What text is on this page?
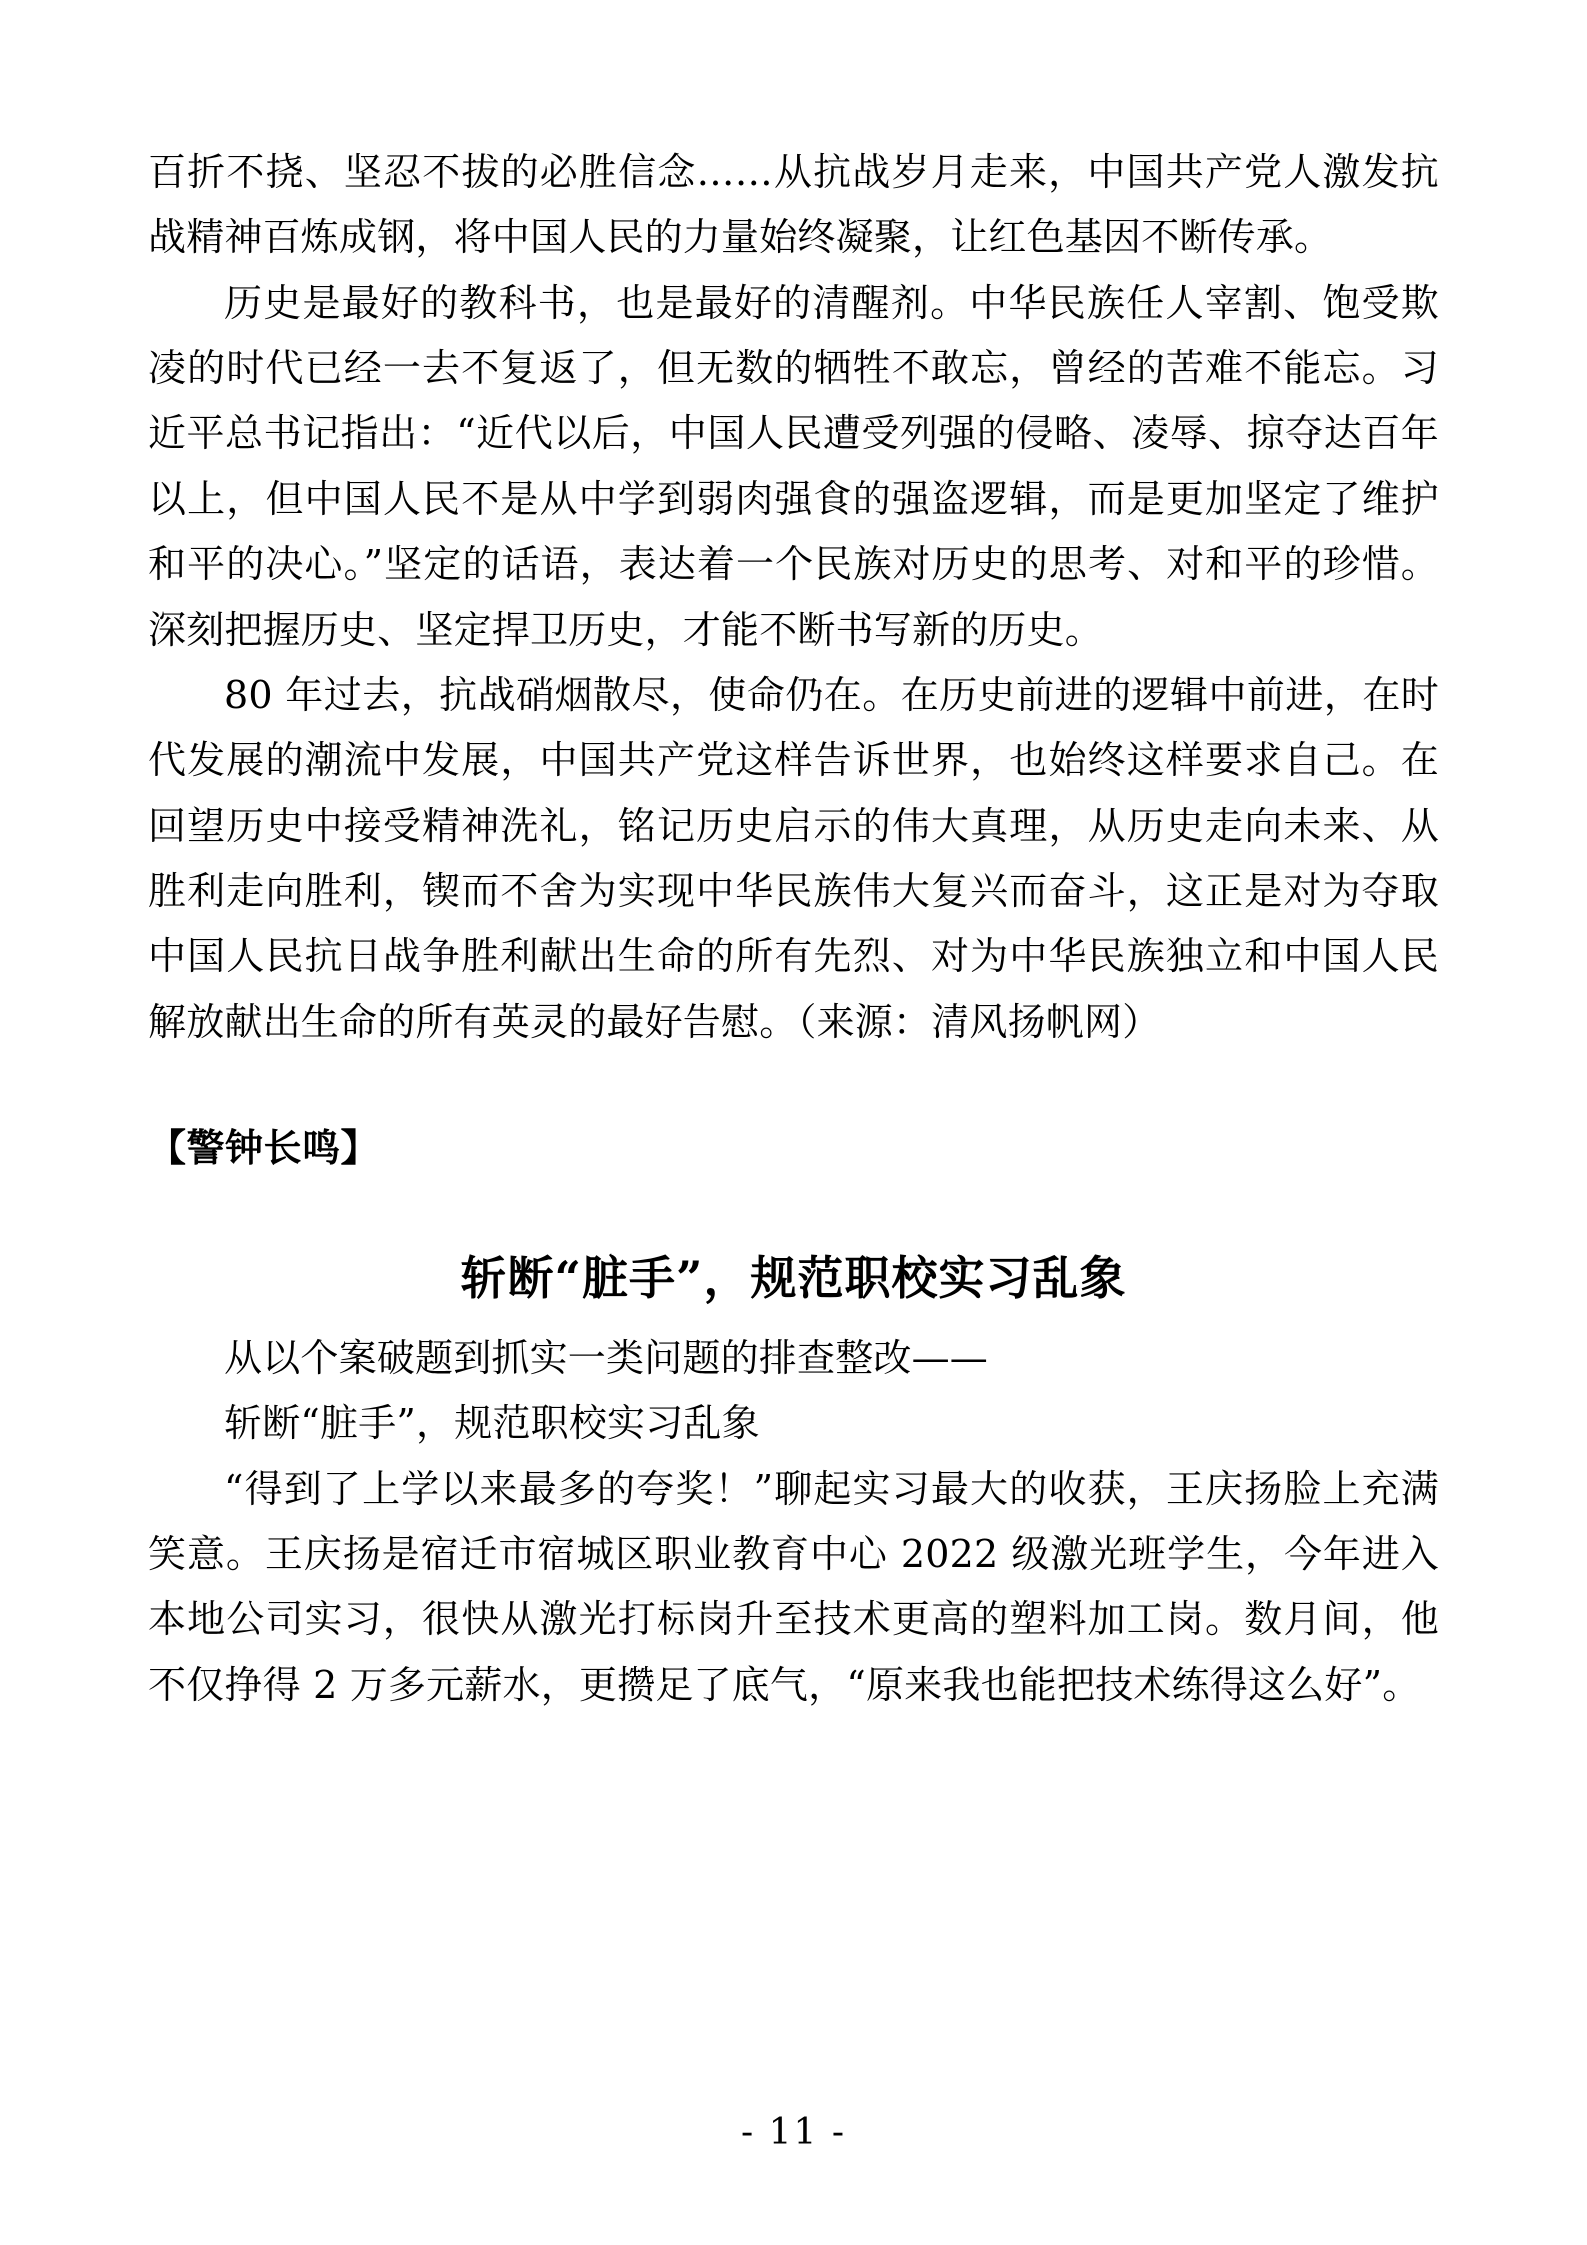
百折不挠、坚忍不拔的必胜信念……从抗战岁月走来，中国共产党人激发抗战精神百炼成钢，将中国人民的力量始终凝聚，让红色基因不断传承。

历史是最好的教科书，也是最好的清醒剂。中华民族任人宰割、饱受欺凌的时代已经一去不复返了，但无数的牺牲不敢忘，曾经的苦难不能忘。习近平总书记指出：“近代以后，中国人民遭受列强的侵略、凌辱、掠夺达百年以上，但中国人民不是从中学到弱肉强食的强盗逻辑，而是更加坚定了维护和平的决心。”坚定的话语，表达着一个民族对历史的思考、对和平的珍惜。深刻把握历史、坚定捍卫历史，才能不断书写新的历史。

80 年过去，抗战硝烟散尽，使命仍在。在历史前进的逻辑中前进，在时代发展的潮流中发展，中国共产党这样告诉世界，也始终这样要求自己。在回望历史中接受精神洗礼，铭记历史启示的伟大真理，从历史走向未来、从胜利走向胜利，锲而不舍为实现中华民族伟大复兴而奋斗，这正是对为夺取中国人民抗日战争胜利献出生命的所有先烈、对为中华民族独立和中国人民解放献出生命的所有英灵的最好告慰。（来源：清风扬帆网）

【警钟长鸣】
斩断“脏手”，规范职校实习乱象

从以个案破题到抓实一类问题的排查整改——

斩断“脏手”，规范职校实习乱象

“得到了上学以来最多的夸奖！”聊起实习最大的收获，王庆扬脸上充满笑意。王庆扬是宿迁市宿城区职业教育中心 2022 级激光班学生，今年进入本地公司实习，很快从激光打标岗升至技术更高的塑料加工岗。数月间，他不仅挣得 2 万多元薪水，更攒足了底气，“原来我也能把技术练得这么好”。

- 11 -
